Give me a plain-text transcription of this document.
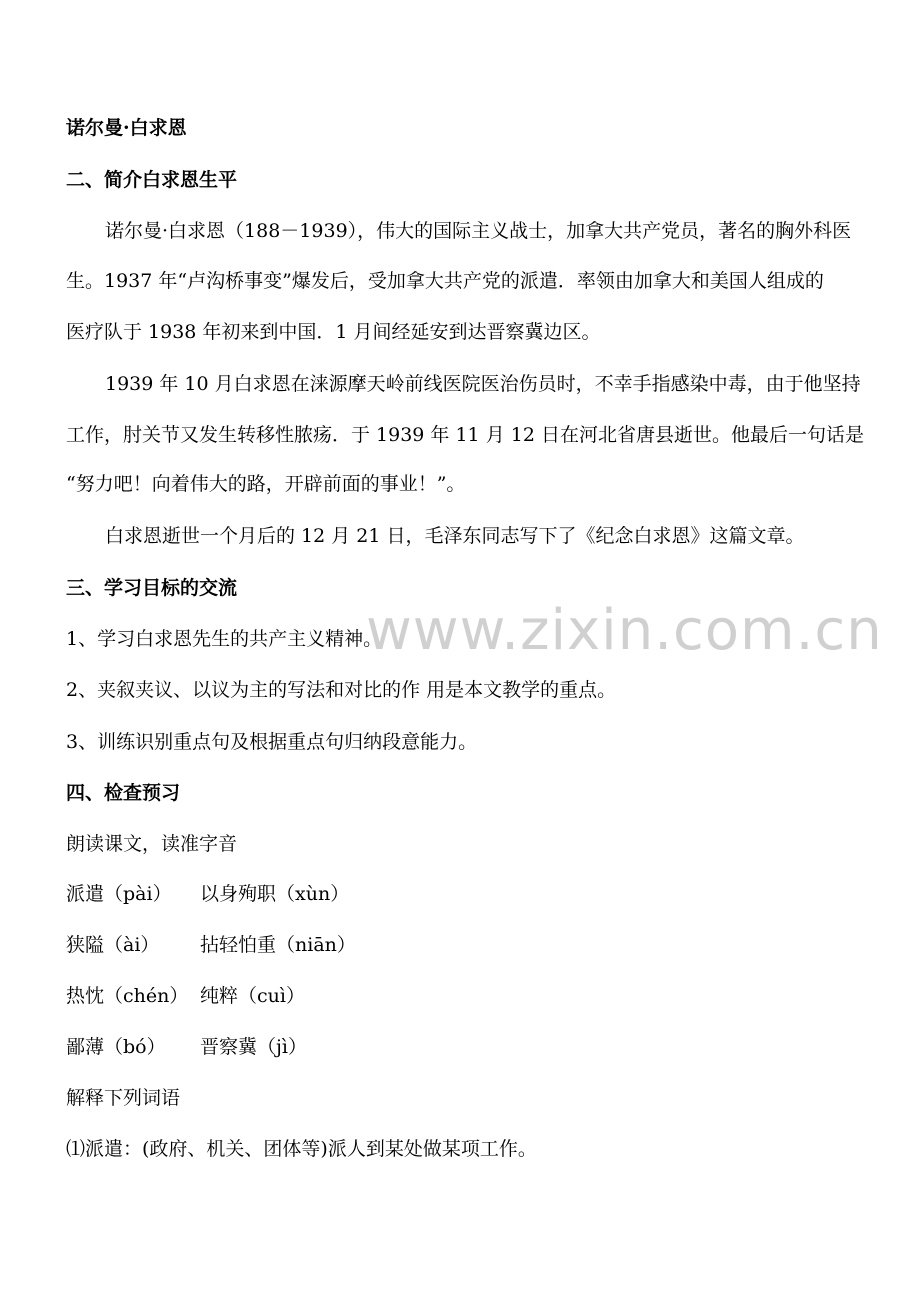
www.zixin.com.cn

诺尔曼·白求恩

二、简介白求恩生平

诺尔曼·白求恩（188－1939），伟大的国际主义战士，加拿大共产党员，著名的胸外科医

生。1937 年“卢沟桥事变”爆发后，受加拿大共产党的派遣．率领由加拿大和美国人组成的

医疗队于 1938 年初来到中国．1 月间经延安到达晋察冀边区。

1939 年 10 月白求恩在涞源摩天岭前线医院医治伤员时，不幸手指感染中毒，由于他坚持

工作，肘关节又发生转移性脓疡．于 1939 年 11 月 12 日在河北省唐县逝世。他最后一句话是

“努力吧！向着伟大的路，开辟前面的事业！”。

白求恩逝世一个月后的 12 月 21 日，毛泽东同志写下了《纪念白求恩》这篇文章。

三、学习目标的交流

1、学习白求恩先生的共产主义精神。

2、夹叙夹议、以议为主的写法和对比的作 用是本文教学的重点。

3、训练识别重点句及根据重点句归纳段意能力。

四、检查预习

朗读课文，读准字音

派遣（pài） 以身殉职（xùn）

狭隘（ài） 拈轻怕重（niān）

热忱（chén） 纯粹（cuì）

鄙薄（bó） 晋察冀（jì）

解释下列词语

⑴派遣：(政府、机关、团体等)派人到某处做某项工作。
